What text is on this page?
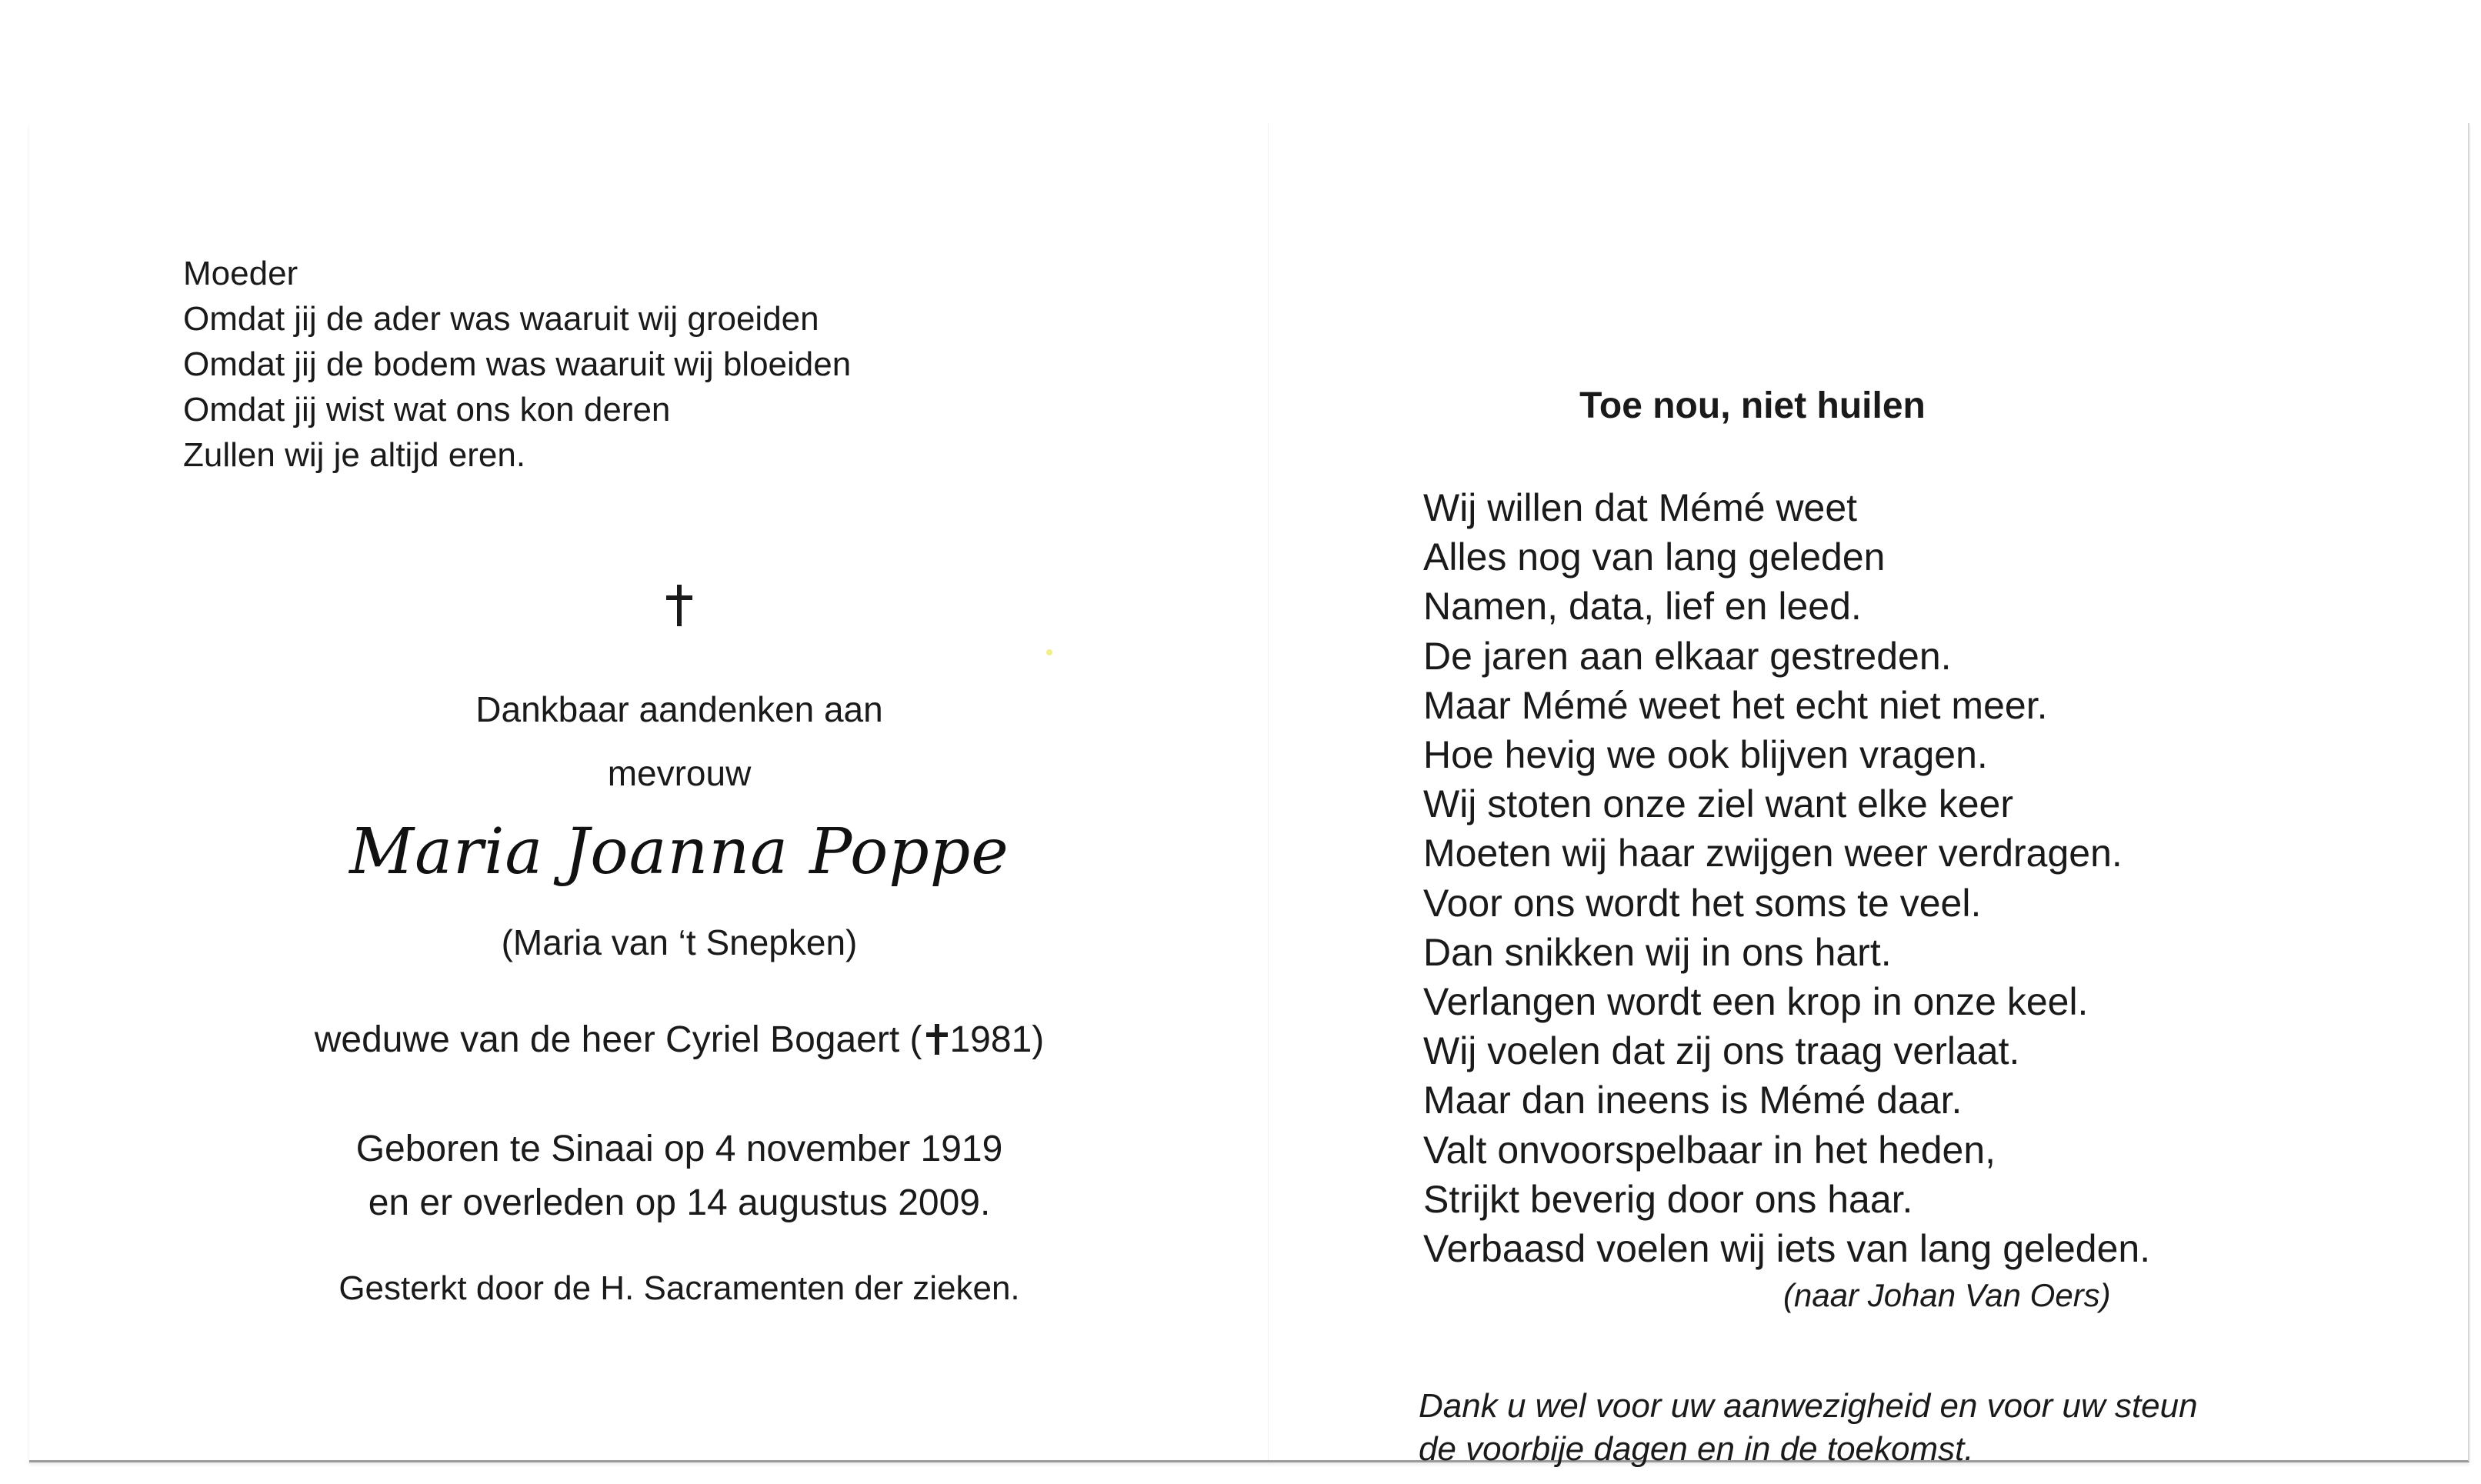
Moeder
Omdat jij de ader was waaruit wij groeiden
Omdat jij de bodem was waaruit wij bloeiden
Omdat jij wist wat ons kon deren
Zullen wij je altijd eren.
Dankbaar aandenken aan
mevrouw
Maria Joanna Poppe
(Maria van ‘t Snepken)
weduwe van de heer Cyriel Bogaert ( 1981)
Geboren te Sinaai op 4 november 1919
en er overleden op 14 augustus 2009.
Gesterkt door de H. Sacramenten der zieken.
Toe nou, niet huilen
Wij willen dat Mémé weet
Alles nog van lang geleden
Namen, data, lief en leed.
De jaren aan elkaar gestreden.
Maar Mémé weet het echt niet meer.
Hoe hevig we ook blijven vragen.
Wij stoten onze ziel want elke keer
Moeten wij haar zwijgen weer verdragen.
Voor ons wordt het soms te veel.
Dan snikken wij in ons hart.
Verlangen wordt een krop in onze keel.
Wij voelen dat zij ons traag verlaat.
Maar dan ineens is Mémé daar.
Valt onvoorspelbaar in het heden,
Strijkt beverig door ons haar.
Verbaasd voelen wij iets van lang geleden.
(naar Johan Van Oers)
Dank u wel voor uw aanwezigheid en voor uw steun
de voorbije dagen en in de toekomst.
